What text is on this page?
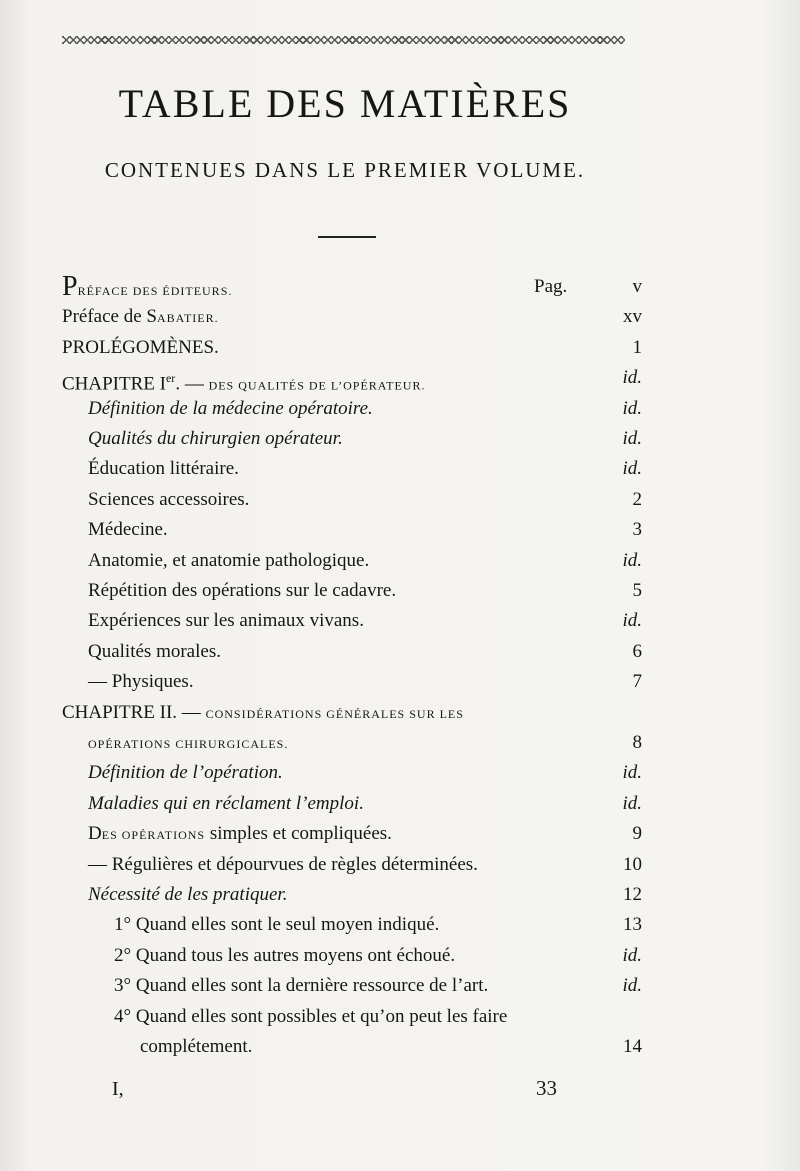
TABLE DES MATIÈRES
CONTENUES DANS LE PREMIER VOLUME.
PRÉFACE DES ÉDITEURS.	Pag.	v
Préface de SABATIER.	xv
PROLÉGOMÈNES.	1
CHAPITRE Ier. — DES QUALITÉS DE L’OPÉRATEUR.	id.
Définition de la médecine opératoire.	id.
Qualités du chirurgien opérateur.	id.
Éducation littéraire.	id.
Sciences accessoires.	2
Médecine.	3
Anatomie, et anatomie pathologique.	id.
Répétition des opérations sur le cadavre.	5
Expériences sur les animaux vivans.	id.
Qualités morales.	6
— Physiques.	7
CHAPITRE II. — CONSIDÉRATIONS GÉNÉRALES SUR LES
OPÉRATIONS CHIRURGICALES.	8
Définition de l’opération.	id.
Maladies qui en réclament l’emploi.	id.
DES OPÉRATIONS simples et compliquées.	9
— Régulières et dépourvues de règles déterminées.	10
Nécessité de les pratiquer.	12
1° Quand elles sont le seul moyen indiqué.	13
2° Quand tous les autres moyens ont échoué.	id.
3° Quand elles sont la dernière ressource de l’art.	id.
4° Quand elles sont possibles et qu’on peut les faire
complétement.	14
I,	33
